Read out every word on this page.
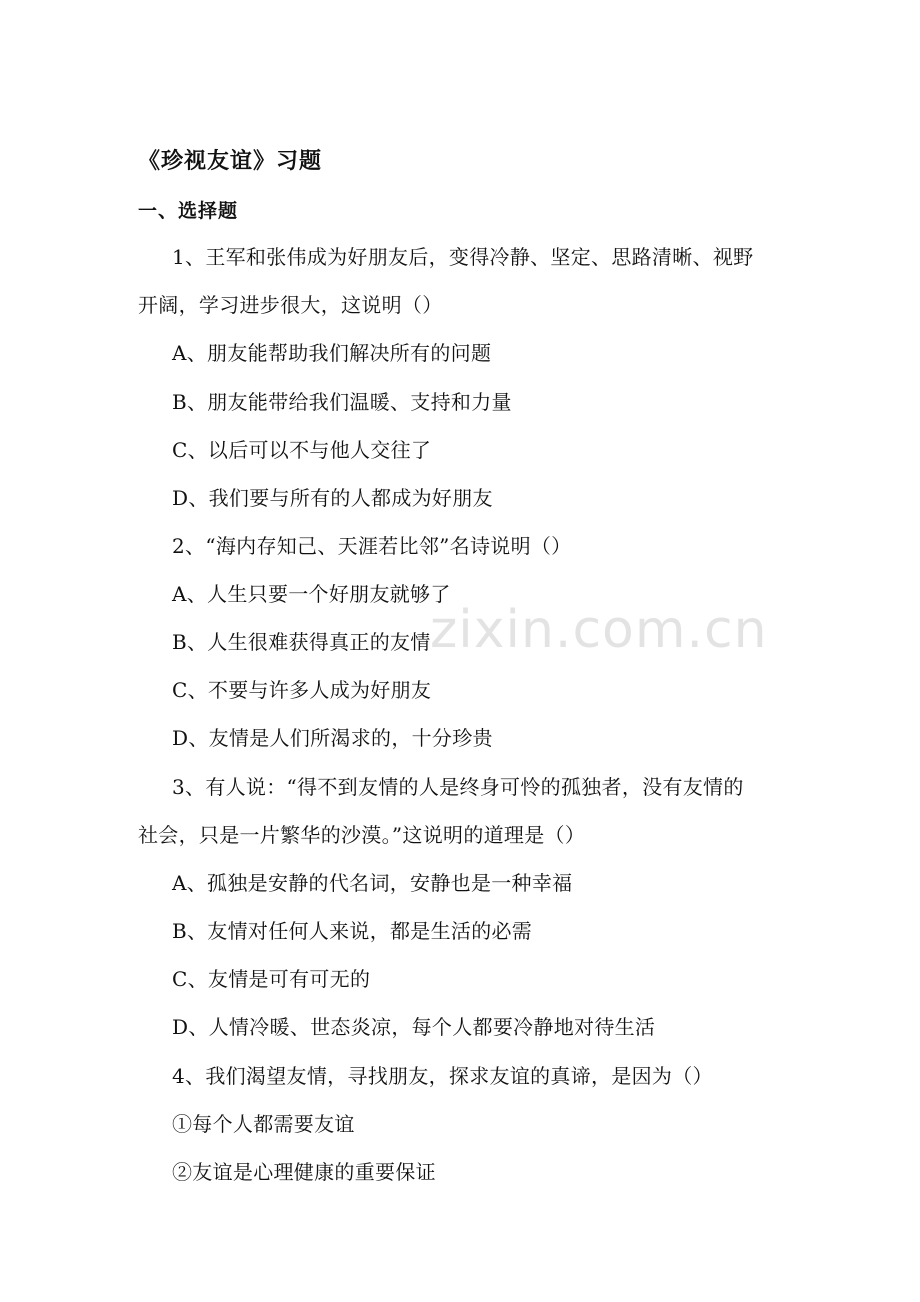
《珍视友谊》习题
一、选择题
1、王军和张伟成为好朋友后，变得冷静、坚定、思路清晰、视野
开阔，学习进步很大，这说明（）
A、朋友能帮助我们解决所有的问题
B、朋友能带给我们温暖、支持和力量
C、以后可以不与他人交往了
D、我们要与所有的人都成为好朋友
2、“海内存知己、天涯若比邻”名诗说明（）
A、人生只要一个好朋友就够了
B、人生很难获得真正的友情
C、不要与许多人成为好朋友
D、友情是人们所渴求的，十分珍贵
3、有人说：“得不到友情的人是终身可怜的孤独者，没有友情的
社会，只是一片繁华的沙漠。”这说明的道理是（）
A、孤独是安静的代名词，安静也是一种幸福
B、友情对任何人来说，都是生活的必需
C、友情是可有可无的
D、人情冷暖、世态炎凉，每个人都要冷静地对待生活
4、我们渴望友情，寻找朋友，探求友谊的真谛，是因为（）
①每个人都需要友谊
②友谊是心理健康的重要保证
zixin.com.cn
